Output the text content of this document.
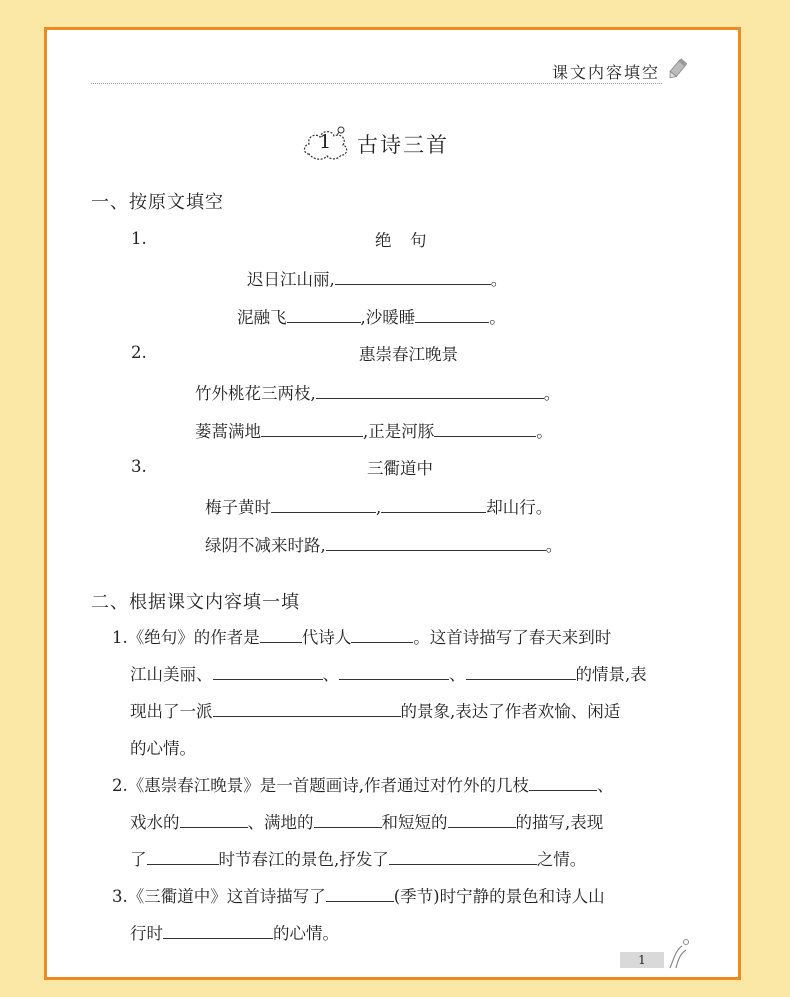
课文内容填空
1	古诗三首
一、按原文填空
1.	绝　句
迟日江山丽,	。
泥融飞	,沙暖睡	。
2.	惠崇春江晚景
竹外桃花三两枝,	。
蒌蒿满地	,正是河豚	。
3.	三衢道中
梅子黄时	,	却山行。
绿阴不减来时路,	。
二、根据课文内容填一填
1.《绝句》的作者是	代诗人	。这首诗描写了春天来到时
江山美丽、	、	、	的情景,表
现出了一派	的景象,表达了作者欢愉、闲适
的心情。
2.《惠崇春江晚景》是一首题画诗,作者通过对竹外的几枝	、
戏水的	、满地的	和短短的	的描写,表现
了	时节春江的景色,抒发了	之情。
3.《三衢道中》这首诗描写了	(季节)时宁静的景色和诗人山
行时	的心情。
1
